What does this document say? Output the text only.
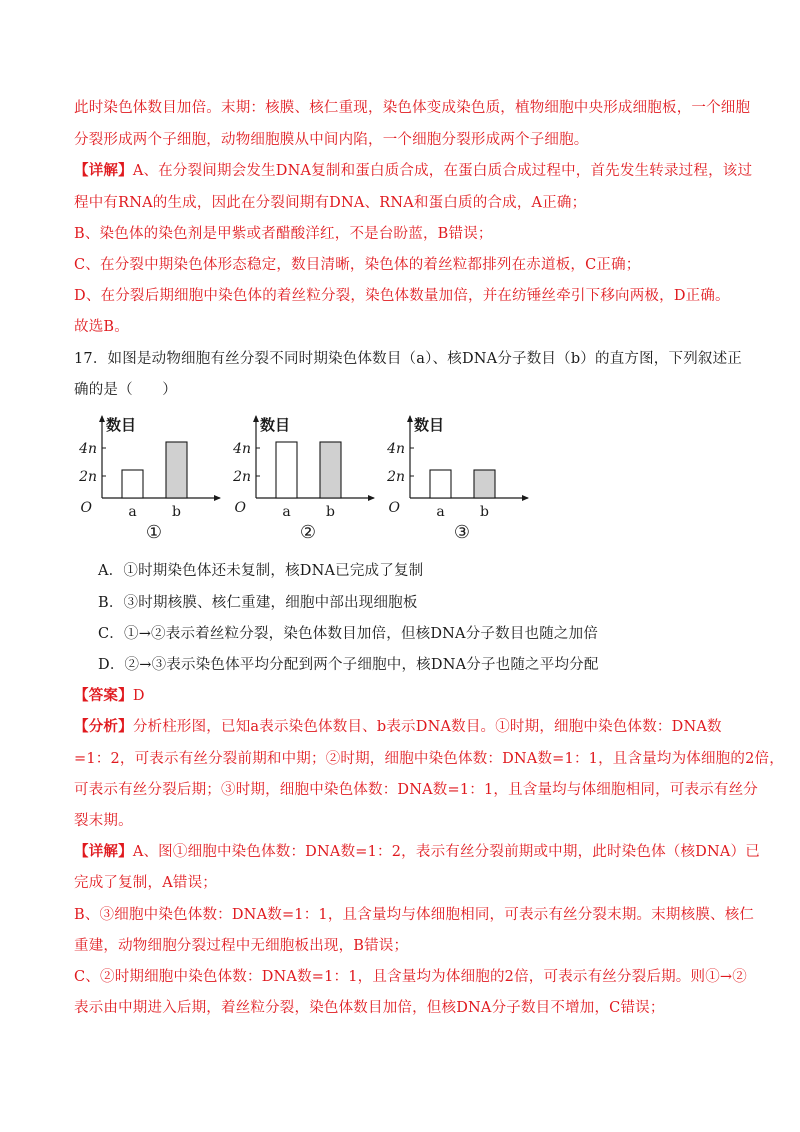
此时染色体数目加倍。末期：核膜、核仁重现，染色体变成染色质，植物细胞中央形成细胞板，一个细胞
分裂形成两个子细胞，动物细胞膜从中间内陷，一个细胞分裂形成两个子细胞。
【详解】A、在分裂间期会发生DNA复制和蛋白质合成，在蛋白质合成过程中，首先发生转录过程，该过
程中有RNA的生成，因此在分裂间期有DNA、RNA和蛋白质的合成，A正确；
B、染色体的染色剂是甲紫或者醋酸洋红，不是台盼蓝，B错误；
C、在分裂中期染色体形态稳定，数目清晰，染色体的着丝粒都排列在赤道板，C正确；
D、在分裂后期细胞中染色体的着丝粒分裂，染色体数量加倍，并在纺锤丝牵引下移向两极，D正确。
故选B。
17．如图是动物细胞有丝分裂不同时期染色体数目（a）、核DNA分子数目（b）的直方图，下列叙述正
确的是（　　）
数目
4n
2n
O	a	b
①
数目
4n
2n
O	a	b
②
数目
4n
2n
O	a	b
③
A．①时期染色体还未复制，核DNA已完成了复制
B．③时期核膜、核仁重建，细胞中部出现细胞板
C．①→②表示着丝粒分裂，染色体数目加倍，但核DNA分子数目也随之加倍
D．②→③表示染色体平均分配到两个子细胞中，核DNA分子也随之平均分配
【答案】D
【分析】分析柱形图，已知a表示染色体数目、b表示DNA数目。①时期，细胞中染色体数：DNA数
=1：2，可表示有丝分裂前期和中期；②时期，细胞中染色体数：DNA数=1：1，且含量均为体细胞的2倍，
可表示有丝分裂后期；③时期，细胞中染色体数：DNA数=1：1，且含量均与体细胞相同，可表示有丝分
裂末期。
【详解】A、图①细胞中染色体数：DNA数=1：2，表示有丝分裂前期或中期，此时染色体（核DNA）已
完成了复制，A错误；
B、③细胞中染色体数：DNA数=1：1，且含量均与体细胞相同，可表示有丝分裂末期。末期核膜、核仁
重建，动物细胞分裂过程中无细胞板出现，B错误；
C、②时期细胞中染色体数：DNA数=1：1，且含量均为体细胞的2倍，可表示有丝分裂后期。则①→②
表示由中期进入后期，着丝粒分裂，染色体数目加倍，但核DNA分子数目不增加，C错误；
